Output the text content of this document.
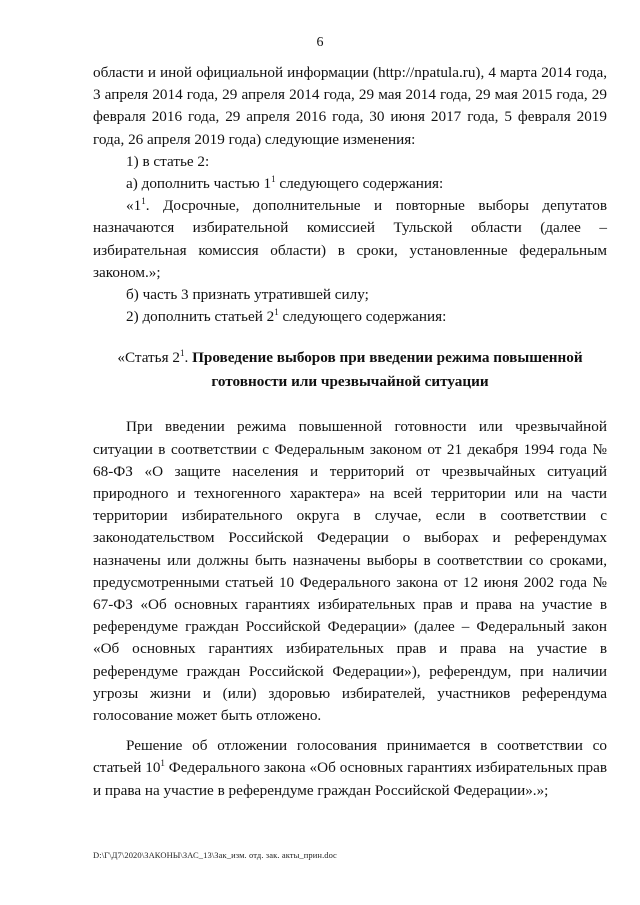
6

области и иной официальной информации (http://npatula.ru), 4 марта 2014 года, 3 апреля 2014 года, 29 апреля 2014 года, 29 мая 2014 года, 29 мая 2015 года, 29 февраля 2016 года, 29 апреля 2016 года, 30 июня 2017 года, 5 февраля 2019 года, 26 апреля 2019 года) следующие изменения:

1) в статье 2:

а) дополнить частью $1^1$ следующего содержания:

«$1^1$. Досрочные, дополнительные и повторные выборы депутатов назначаются избирательной комиссией Тульской области (далее – избирательная комиссия области) в сроки, установленные федеральным законом.»;

б) часть 3 признать утратившей силу;

2) дополнить статьей $2^1$ следующего содержания:

«Статья $2^1$. Проведение выборов при введении режима повышенной готовности или чрезвычайной ситуации

При введении режима повышенной готовности или чрезвычайной ситуации в соответствии с Федеральным законом от 21 декабря 1994 года № 68-ФЗ «О защите населения и территорий от чрезвычайных ситуаций природного и техногенного характера» на всей территории или на части территории избирательного округа в случае, если в соответствии с законодательством Российской Федерации о выборах и референдумах назначены или должны быть назначены выборы в соответствии со сроками, предусмотренными статьей 10 Федерального закона от 12 июня 2002 года № 67-ФЗ «Об основных гарантиях избирательных прав и права на участие в референдуме граждан Российской Федерации» (далее – Федеральный закон «Об основных гарантиях избирательных прав и права на участие в референдуме граждан Российской Федерации»), референдум, при наличии угрозы жизни и (или) здоровью избирателей, участников референдума голосование может быть отложено.

Решение об отложении голосования принимается в соответствии со статьей $10^1$ Федерального закона «Об основных гарантиях избирательных прав и права на участие в референдуме граждан Российской Федерации».»;

D:\Г\Д7\2020\ЗАКОНЫ\ЗАС_13\Зак_изм. отд. зак. акты_прин.doc
